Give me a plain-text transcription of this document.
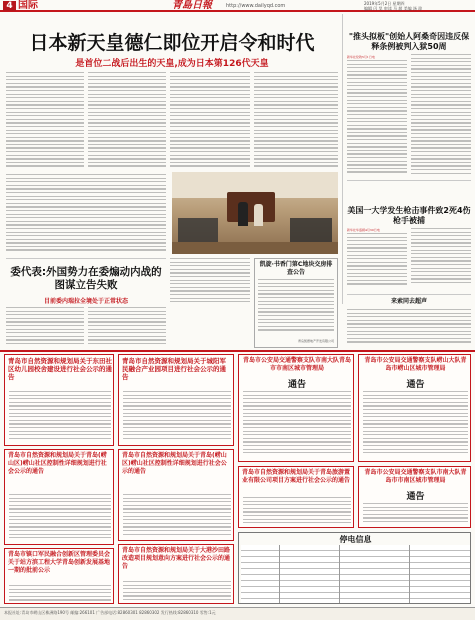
4 国际	青島日報	http://www.dailyqd.com	2019年5月2日 星期四
编辑 闪 昊 审读 马 超 美编 汤 琼
日本新天皇德仁即位开启令和时代
是首位二战后出生的天皇,成为日本第126代天皇
"推头拟板"创始人阿桑奇因违反保释条例被判入狱50周
新华社伦敦5月1日电
美国一大学发生枪击事件致2死4伤 枪手被捕
新华社华盛顿4月30日电
委代表:外国势力在委煽动内战的图谋立告失败
目前委内瑞拉全境处于正常状态
凯旋·书香门第C地块交房排查公告
青岛凯德地产开发有限公司
来索同去超声
青岛市自然资源和规划局关于东田社区幼儿园校舍建设进行社会公示的通告
青岛市自然资源和规划局关于青岛(崂山区)崂山社区控制性详细规划进行社会公示的通告
青岛市镇口军民融合创新区管理委员会关于站方滨工程大学青岛创新发展基地一期的批前公示
青岛市自然资源和规划局关于城阳军民融合产业园项目进行社会公示的通告
青岛市自然资源和规划局关于青岛(崂山区)崂山社区控制性详细规划进行社会公示的通告
青岛市自然资源和规划局关于大港沙田路改造项目规划意向方案进行社会公示的通告
青岛市公安局交通警察支队市南大队青岛市市南区城市管理局
通告
青岛市自然资源和规划局关于青岛旅游置业有限公司项目方案进行社会公示的通告
青岛市公安局交通警察支队崂山大队青岛市崂山区城市管理局
通告
青岛市公安局交通警察支队市南大队青岛市市南区城市管理局
通告
停电信息
本报社址:青岛市崂山区株洲路190号 邮编:266101 广告部电话:82860301 82860302 发行热线:82860310 零售:1元
